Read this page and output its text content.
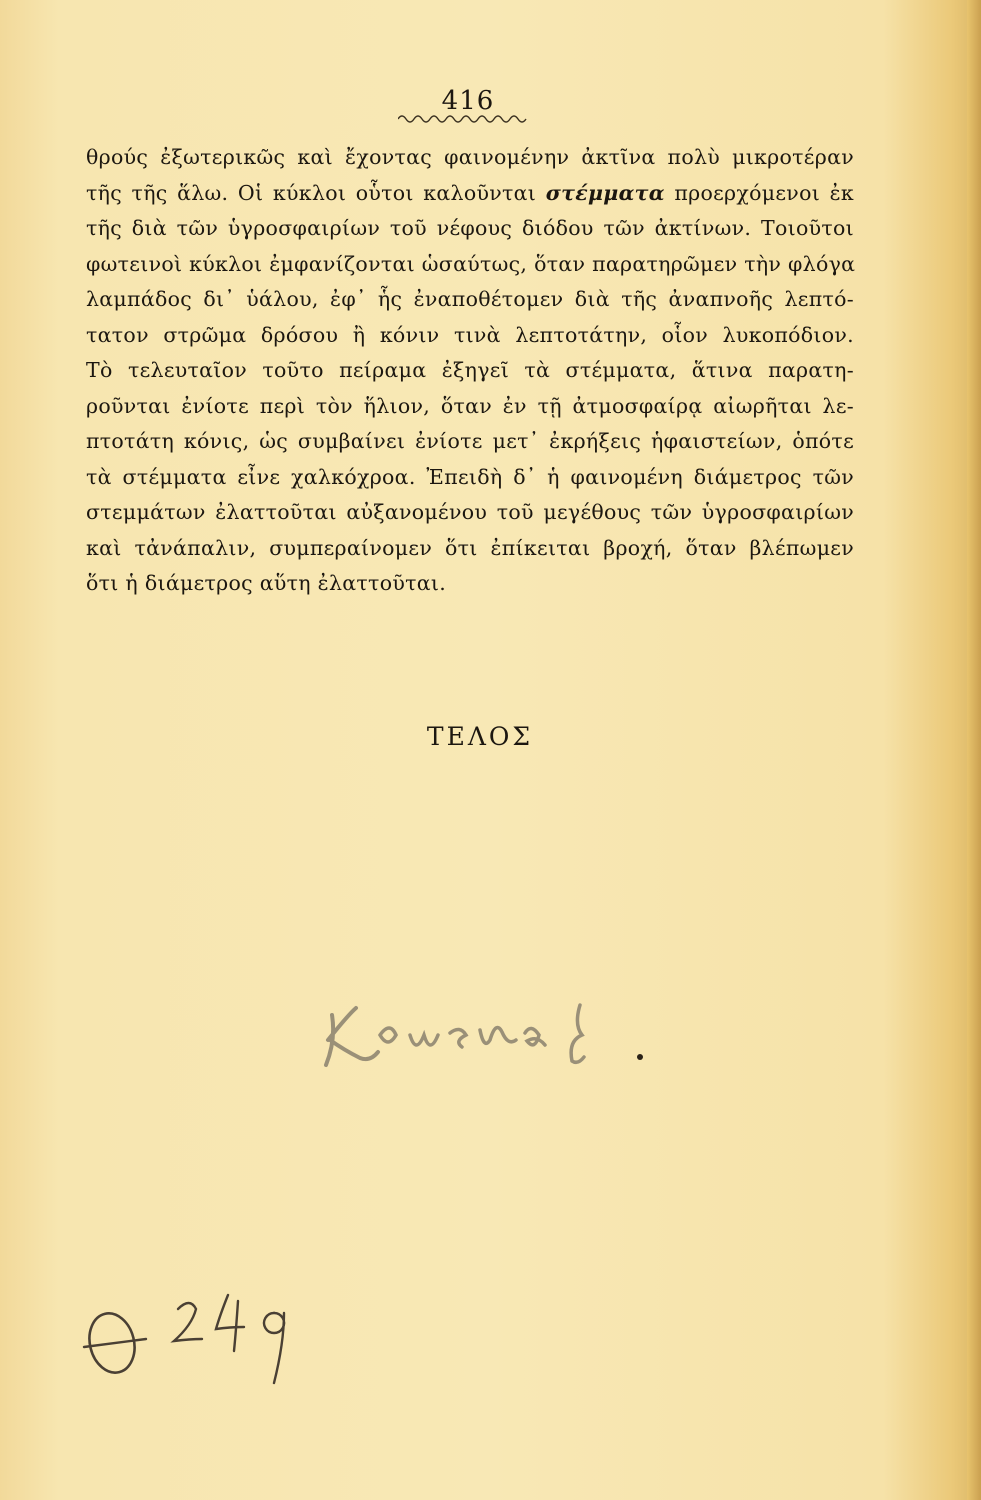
416
θρούς ἐξωτερικῶς καὶ ἔχοντας φαινομένην ἀκτῖνα πολὺ μικροτέραν
τῆς τῆς ἅλω. Οἱ κύκλοι οὗτοι καλοῦνται στέμματα προερχόμενοι ἐκ
τῆς διὰ τῶν ὑγροσφαιρίων τοῦ νέφους διόδου τῶν ἀκτίνων. Τοιοῦτοι
φωτεινοὶ κύκλοι ἐμφανίζονται ὡσαύτως, ὅταν παρατηρῶμεν τὴν φλόγα
λαμπάδος δι᾽ ὑάλου, ἐφ᾽ ἧς ἐναποθέτομεν διὰ τῆς ἀναπνοῆς λεπτό-
τατον στρῶμα δρόσου ἢ κόνιν τινὰ λεπτοτάτην, οἷον λυκοπόδιον.
Τὸ τελευταῖον τοῦτο πείραμα ἐξηγεῖ τὰ στέμματα, ἅτινα παρατη-
ροῦνται ἐνίοτε περὶ τὸν ἥλιον, ὅταν ἐν τῇ ἀτμοσφαίρᾳ αἰωρῆται λε-
πτοτάτη κόνις, ὡς συμβαίνει ἐνίοτε μετ᾽ ἐκρήξεις ἡφαιστείων, ὁπότε
τὰ στέμματα εἶνε χαλκόχροα. Ἐπειδὴ δ᾽ ἡ φαινομένη διάμετρος τῶν
στεμμάτων ἐλαττοῦται αὐξανομένου τοῦ μεγέθους τῶν ὑγροσφαιρίων
καὶ τἀνάπαλιν, συμπεραίνομεν ὅτι ἐπίκειται βροχή, ὅταν βλέπωμεν
ὅτι ἡ διάμετρος αὕτη ἐλαττοῦται.
ΤΕΛΟΣ
